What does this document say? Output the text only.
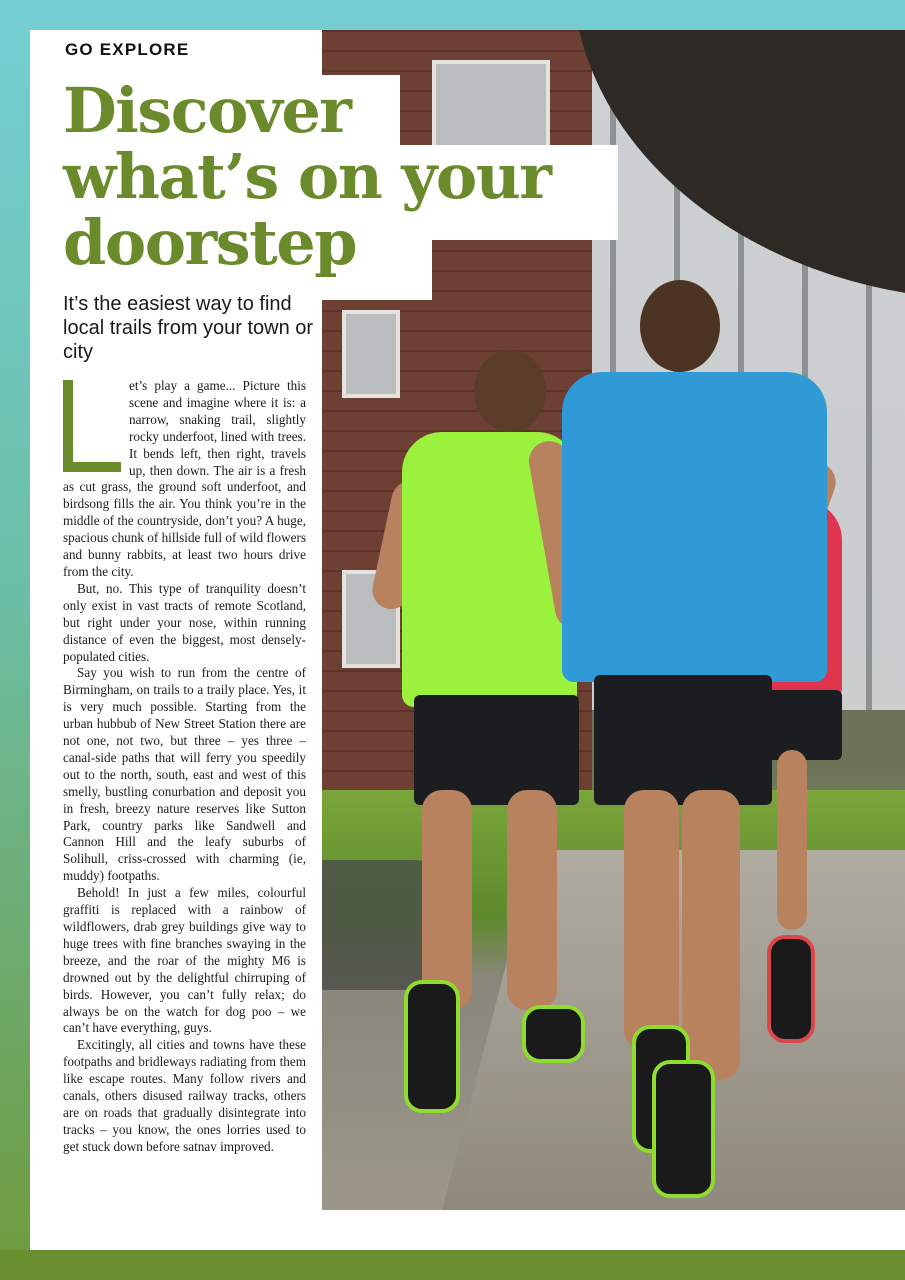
GO EXPLORE
Discover
what’s on your
doorstep
It’s the easiest way to find local trails from your town or city

et’s play a game... Picture this scene and imagine where it is: a narrow, snaking trail, slightly rocky underfoot, lined with trees. It bends left, then right, travels up, then down. The air is a fresh as cut grass, the ground soft underfoot, and birdsong fills the air. You think you’re in the middle of the countryside, don’t you? A huge, spacious chunk of hillside full of wild flowers and bunny rabbits, at least two hours drive from the city.

But, no. This type of tranquility doesn’t only exist in vast tracts of remote Scotland, but right under your nose, within running distance of even the biggest, most densely-populated cities.

Say you wish to run from the centre of Birmingham, on trails to a traily place. Yes, it is very much possible. Starting from the urban hubbub of New Street Station there are not one, not two, but three – yes three – canal-side paths that will ferry you speedily out to the north, south, east and west of this smelly, bustling conurbation and deposit you in fresh, breezy nature reserves like Sutton Park, country parks like Sandwell and Cannon Hill and the leafy suburbs of Solihull, criss-crossed with charming (ie, muddy) footpaths.

Behold! In just a few miles, colourful graffiti is replaced with a rainbow of wildflowers, drab grey buildings give way to huge trees with fine branches swaying in the breeze, and the roar of the mighty M6 is drowned out by the delightful chirruping of birds. However, you can’t fully relax; do always be on the watch for dog poo – we can’t have everything, guys.

Excitingly, all cities and towns have these footpaths and bridleways radiating from them like escape routes. Many follow rivers and canals, others disused railway tracks, others are on roads that gradually disintegrate into tracks – you know, the ones lorries used to get stuck down before satnav improved.
